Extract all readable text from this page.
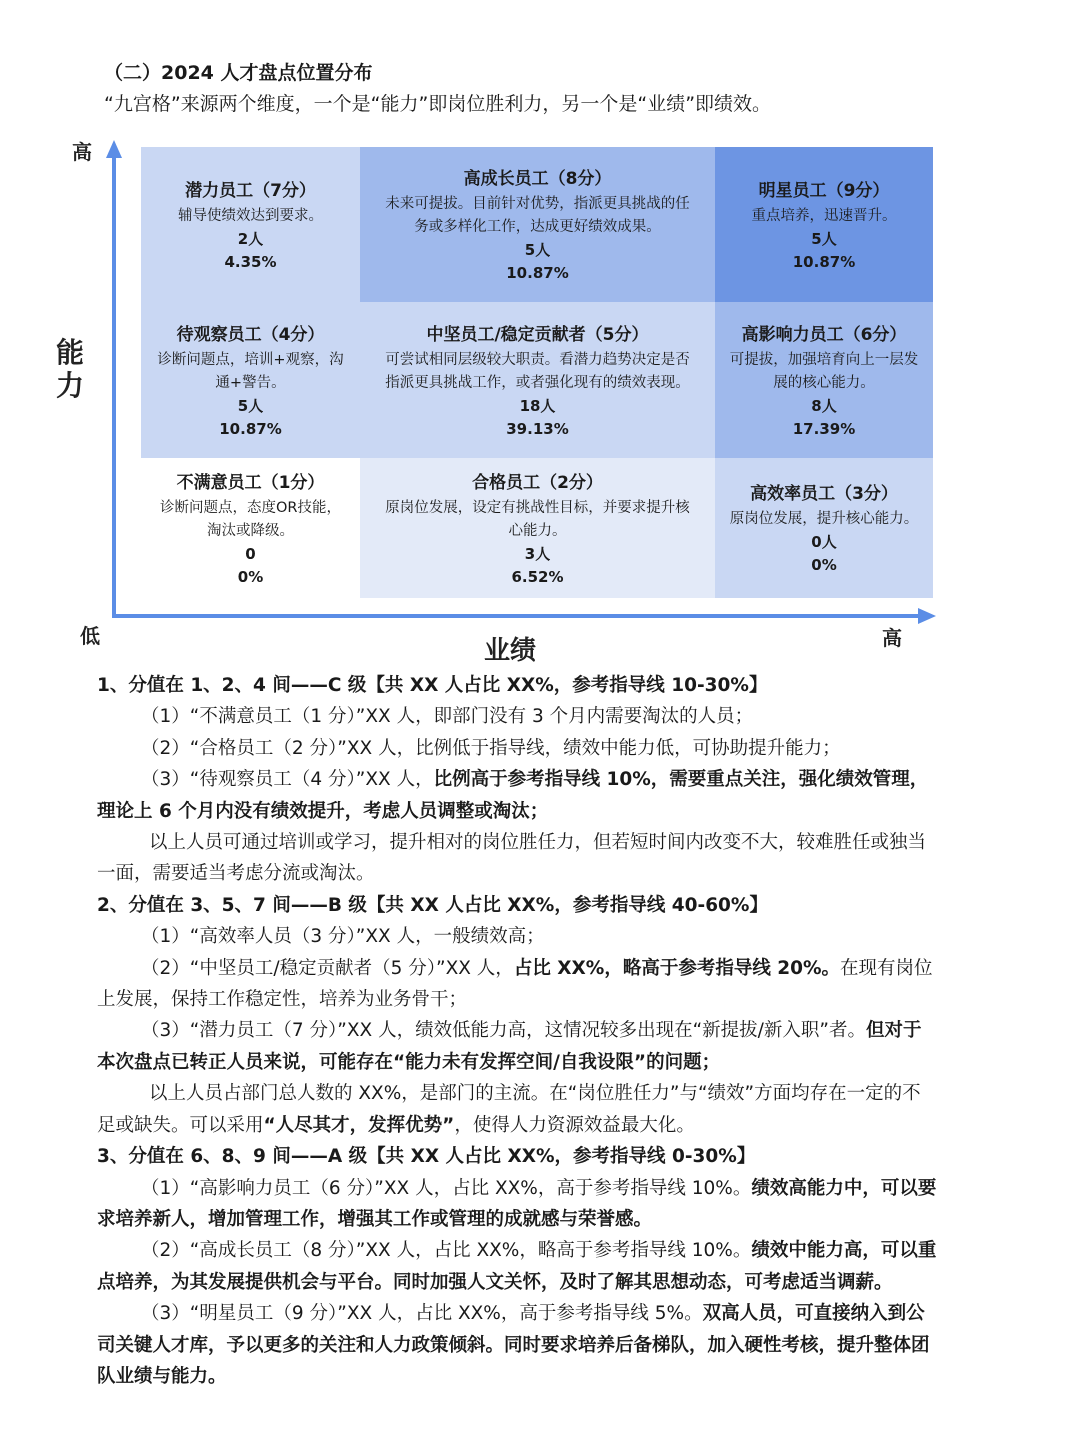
（二）2024 人才盘点位置分布
“九宫格”来源两个维度，一个是“能力”即岗位胜利力，另一个是“业绩”即绩效。
高
能力
低	业绩	高
潜力员工（7分）
辅导使绩效达到要求。
2人
4.35%
高成长员工（8分）
未来可提拔。目前针对优势，指派更具挑战的任
务或多样化工作，达成更好绩效成果。
5人
10.87%
明星员工（9分）
重点培养，迅速晋升。
5人
10.87%
待观察员工（4分）
诊断问题点，培训+观察，沟
通+警告。
5人
10.87%
中坚员工/稳定贡献者（5分）
可尝试相同层级较大职责。看潜力趋势决定是否
指派更具挑战工作，或者强化现有的绩效表现。
18人
39.13%
高影响力员工（6分）
可提拔，加强培育向上一层发
展的核心能力。
8人
17.39%
不满意员工（1分）
诊断问题点，态度OR技能，
淘汰或降级。
0
0%
合格员工（2分）
原岗位发展，设定有挑战性目标，并要求提升核
心能力。
3人
6.52%
高效率员工（3分）
原岗位发展，提升核心能力。
0人
0%

1、分值在 1、2、4 间——C 级【共 XX 人占比 XX%，参考指导线 10-30%】

（1）“不满意员工（1 分）”XX 人，即部门没有 3 个月内需要淘汰的人员；

（2）“合格员工（2 分）”XX 人，比例低于指导线，绩效中能力低，可协助提升能力；

（3）“待观察员工（4 分）”XX 人，比例高于参考指导线 10%，需要重点关注，强化绩效管理，理论上 6 个月内没有绩效提升，考虑人员调整或淘汰；

以上人员可通过培训或学习，提升相对的岗位胜任力，但若短时间内改变不大，较难胜任或独当一面，需要适当考虑分流或淘汰。

2、分值在 3、5、7 间——B 级【共 XX 人占比 XX%，参考指导线 40-60%】

（1）“高效率人员（3 分）”XX 人，一般绩效高；

（2）“中坚员工/稳定贡献者（5 分）”XX 人，占比 XX%，略高于参考指导线 20%。在现有岗位上发展，保持工作稳定性，培养为业务骨干；

（3）“潜力员工（7 分）”XX 人，绩效低能力高，这情况较多出现在“新提拔/新入职”者。但对于本次盘点已转正人员来说，可能存在“能力未有发挥空间/自我设限”的问题；

以上人员占部门总人数的 XX%，是部门的主流。在“岗位胜任力”与“绩效”方面均存在一定的不足或缺失。可以采用“人尽其才，发挥优势”，使得人力资源效益最大化。

3、分值在 6、8、9 间——A 级【共 XX 人占比 XX%，参考指导线 0-30%】

（1）“高影响力员工（6 分）”XX 人，占比 XX%，高于参考指导线 10%。绩效高能力中，可以要求培养新人，增加管理工作，增强其工作或管理的成就感与荣誉感。

（2）“高成长员工（8 分）”XX 人，占比 XX%，略高于参考指导线 10%。绩效中能力高，可以重点培养，为其发展提供机会与平台。同时加强人文关怀，及时了解其思想动态，可考虑适当调薪。

（3）“明星员工（9 分）”XX 人，占比 XX%，高于参考指导线 5%。双高人员，可直接纳入到公司关键人才库，予以更多的关注和人力政策倾斜。同时要求培养后备梯队，加入硬性考核，提升整体团队业绩与能力。
